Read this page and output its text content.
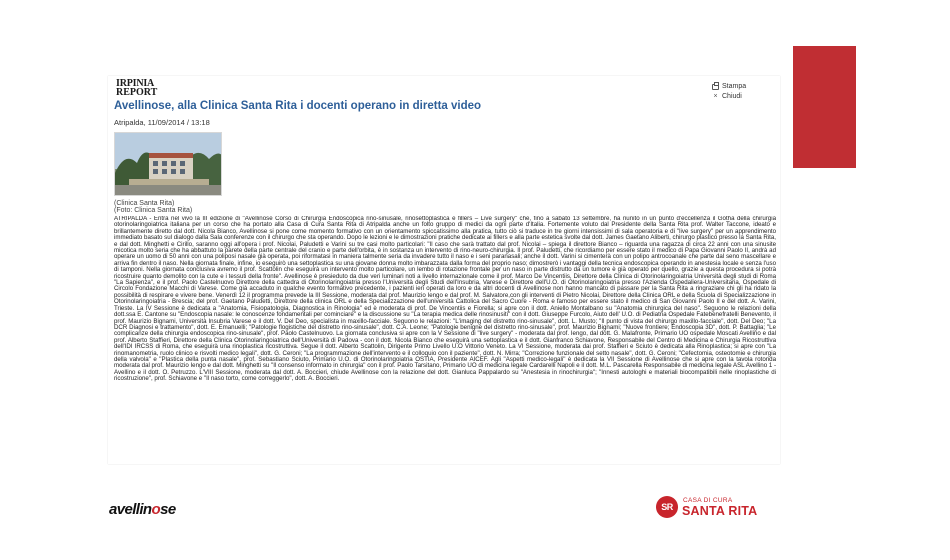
IRPINIA
REPORT
Stampa
× Chiudi
Avellinose, alla Clinica Santa Rita i docenti operano in diretta video
Atripalda, 11/09/2014 / 13:18
(Clinica Santa Rita)
(Foto: Clinica Santa Rita)
ATRIPALDA - Entra nel vivo la III edizione di "Avellinose Corso di Chirurgia Endoscopica rino-sinusale, rinosettoplastica e fillers – Live surgery" che, fino a sabato 13 settembre, ha riunito in un punto d'eccellenza il Gotha della chirurgia otorinolaringoiatrica italiana per un corso che ha portato alla Casa di Cura Santa Rita di Atripalda anche un folto gruppo di medici da ogni parte d'Italia. Fortemente voluto dal Presidente della Santa Rita prof. Walter Taccone, ideato e brillantemente diretto dal dott. Nicola Bianco, Avellinose si pone come momento formativo con un orientamento spiccatissimo alla pratica, tutto ciò si traduce in tre giorni intensissimi di sala operatoria e di "live surgery" per un apprendimento immediato basato sul dialogo dalla Sala conferenze con il chirurgo che sta operando. Dopo le lezioni e le dimostrazioni pratiche dedicate ai fillers e alla parte estetica svolte dal dott. James Gaetano Aliberti, chirurgo plastico presso la Santa Rita, e dal dott. Minghetti e Cirillo, saranno oggi all'opera i prof. Nicolai, Paludetti e Varini su tre casi molto particolari: "Il caso che sarà trattato dal prof. Nicolai – spiega il direttore Bianco – riguarda una ragazza di circa 22 anni con una sinusite micotica molto seria che ha abbattuto la parete della parte centrale del cranio e parte dell'orbita, è in sostanza un intervento di rino-neuro-chirurgia. Il prof. Paludetti, che ricordiamo per essere stato il medico di Papa Giovanni Paolo II, andrà ad operare un uomo di 50 anni con una poliposi nasale già operata, poi riformatasi in maniera talmente seria da invadere tutto il naso e i seni paranasali; anche il dott. Varini si cimenterà con un polipo antrocoanale che parte dal seno mascellare e arriva fin dentro il naso. Nella giornata finale, infine, io eseguirò una settoplastica su una giovane donna molto imbarazzata dalla forma del proprio naso; dimostrerò i vantaggi della tecnica endoscopica operando in anestesia locale e senza l'uso di tamponi. Nella giornata conclusiva avremo il prof. Scattolin che eseguirà un intervento molto particolare, un lembo di rotazione frontale per un naso in parte distrutto da un tumore è già operato per quello, grazie a questa procedura si potrà ricostruire quanto demolito con la cute e i tessuti della fronte". Avellinose è presieduto da due veri luminari noti a livello internazionale come il prof. Marco De Vincentiis, Direttore della Clinica di Otorinolaringoiatria Università degli studi di Roma "La Sapienza", e il prof. Paolo Castelnuovo Direttore della cattedra di Otorinolaringoiatria presso l'Università degli Studi dell'Insubria, Varese e Direttore dell'U.O. di Otorinolaringoiatria presso l'Azienda Ospedaliera-Universitaria, Ospedale di Circolo Fondazione Macchi di Varese. Come già accaduto in qualche evento formativo precedente, i pazienti ieri operati da loro e da altri docenti di Avellinose non hanno mancato di passare per la Santa Rita a ringraziare chi gli ha ridato la possibilità di respirare e vivere bene. Venerdì 12 il programma prevede la III Sessione, moderata dal prof. Maurizio Iengo e dal prof. M. Salvatore,con gli interventi di Pietro Nicolai, Direttore della Clinica ORL e della Scuola di Specializzazione in Otorinolaringoiatria - Brescia; del prof. Gaetano Paludetti, Direttore della clinica ORL e della Specializzazione dell'università Cattolica del Sacro Cuore - Roma e famoso per essere stato il medico di San Giovanni Paolo II e del dott. A. Varini, Trieste. La IV Sessione è dedicata a "Anatomia, Fisiopatologia, Diagnostica in Rinologia" ed è moderata di prof. De Vincentiis e Fiorella; si apre con il dott. Aniello Montalbano su "Anatomia chirurgica del naso". Seguono le relazioni della dott.ssa E. Cantone su "Endoscopia nasale: le conoscenze fondamentali per cominciare" e la discussione su "La terapia medica delle rinosinusiti" con il dott. Giuseppe Furcolo, Aiuto dell' U.O. di Pediatria Ospedale Fatebenefratelli Benevento, il prof. Maurizio Bignami, Università Insubria Varese e il dott. V. Del Deo, specialista in maxillo-facciale. Seguono le relazioni: "L'imaging del distretto rino-sinusale", dott. L. Musto; "Il punto di vista del chirurgo maxillo-facciale", dott. Del Deo; "La DCR Diagnosi e trattamento", dott. E. Emanuelli; "Patologie flogistiche del distretto rino-sinusale", dott. C.A. Leone; "Patologie benigne del distretto rino-sinusale", prof. Maurizio Bignami; "Nuove frontiere; Endoscopia 3D", dott. P. Battaglia; "Le complicanze della chirurgia endoscopica rino-sinusale", prof. Paolo Castelnuovo. La giornata conclusiva si apre con la V Sessione di "live surgery" - moderata dal prof. Iengo, dal dott. G. Malafronte, Primario UO ospedale Moscati Avellino e dal prof. Alberto Staffieri, Direttore della Clinica Otorinolaringoiatrica dell'Università di Padova - con il dott. Nicola Bianco che eseguirà una settoplastica e il dott. Gianfranco Schiavone, Responsabile del Centro di Medicina e Chirurgia Ricostruttiva dell'IDI IRCSS di Roma, che eseguirà una rinoplastica ricostruttiva. Segue il dott. Alberto Scattolin, Dirigente Primo Livello U.O Vittorio Veneto. La VI Sessione, moderata dai prof. Staffieri e Sciuto è dedicata alla Rinoplastica; si apre con "La rinomanometria, ruolo clinico e risvolti medico legali", dott. G. Ceroni; "La programmazione dell'intervento e il colloquio con il paziente", dott. N. Mirra; "Correzione funzionale del setto nasale", dott. G. Ceroni; "Cefectomia, osteotomie e chirurgia della valvola" e "Plastica della punta nasale", prof. Sebastiano Sciuto, Primario U.O. di Otorinolaringoiatria OSTIA, Presidente AICEF. Agli "Aspetti medico-legali" è dedicata la VII Sessione di Avellinose che si apre con la tavola rotonda moderata dal prof. Maurizio Iengo e dal dott. Minghetti su "Il consenso informato in chirurgia" con il prof. Paolo Tarsitano, Primario UO di medicina legale Cardarelli Napoli e il dott. M.L. Pascarella Responsabile di medicina legale ASL Avellino 1 - Avellino e il dott. O. Petruzzo. L'VIII Sessione, moderata dal dott. A. Boccieri, chiude Avellinose con la relazione del dott. Gianluca Pappalardo su "Anestesia in rinochirurgia"; "Innesti autologhi e materiali biocompatibili nelle rinoplastiche di ricostruzione", prof. Schiavone e "Il naso torto, come correggerlo", dott. A. Boccieri.
avellinose	SR
CASA DI CURA
SANTA RITA
